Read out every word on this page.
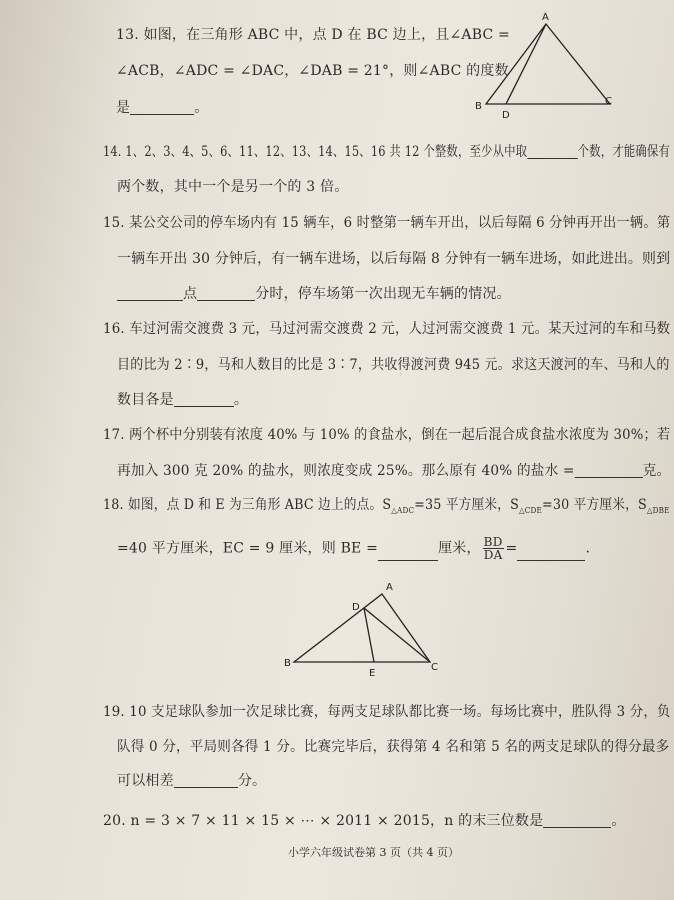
13. 如图，在三角形 ABC 中，点 D 在 BC 边上，且∠ABC =
∠ACB，∠ADC = ∠DAC，∠DAB = 21°，则∠ABC 的度数
是	。
A
B	C
D
14. 1、2、3、4、5、6、11、12、13、14、15、16 共 12 个整数，至少从中取	个数，才能确保有
两个数，其中一个是另一个的 3 倍。
15. 某公交公司的停车场内有 15 辆车，6 时整第一辆车开出，以后每隔 6 分钟再开出一辆。第
一辆车开出 30 分钟后，有一辆车进场，以后每隔 8 分钟有一辆车进场，如此进出。则到
点	分时，停车场第一次出现无车辆的情况。
16. 车过河需交渡费 3 元，马过河需交渡费 2 元，人过河需交渡费 1 元。某天过河的车和马数
目的比为 2∶9，马和人数目的比是 3∶7，共收得渡河费 945 元。求这天渡河的车、马和人的
数目各是	。
17. 两个杯中分别装有浓度 40% 与 10% 的食盐水，倒在一起后混合成食盐水浓度为 30%；若
再加入 300 克 20% 的盐水，则浓度变成 25%。那么原有 40% 的盐水 =	克。
18. 如图，点 D 和 E 为三角形 ABC 边上的点。$S_{\triangle ADC}=35$ 平方厘米，$S_{\triangle CDE}=30$ 平方厘米，$S_{\triangle DBE}$
=40 平方厘米，EC = 9 厘米，则 BE =	厘米， $\frac{BD}{DA}$ =	.
A
B	C
D
E
19. 10 支足球队参加一次足球比赛，每两支足球队都比赛一场。每场比赛中，胜队得 3 分，负
队得 0 分，平局则各得 1 分。比赛完毕后，获得第 4 名和第 5 名的两支足球队的得分最多
可以相差	分。
20. n = 3 × 7 × 11 × 15 × ⋯ × 2011 × 2015，n 的末三位数是	。
小学六年级试卷第 3 页（共 4 页）
